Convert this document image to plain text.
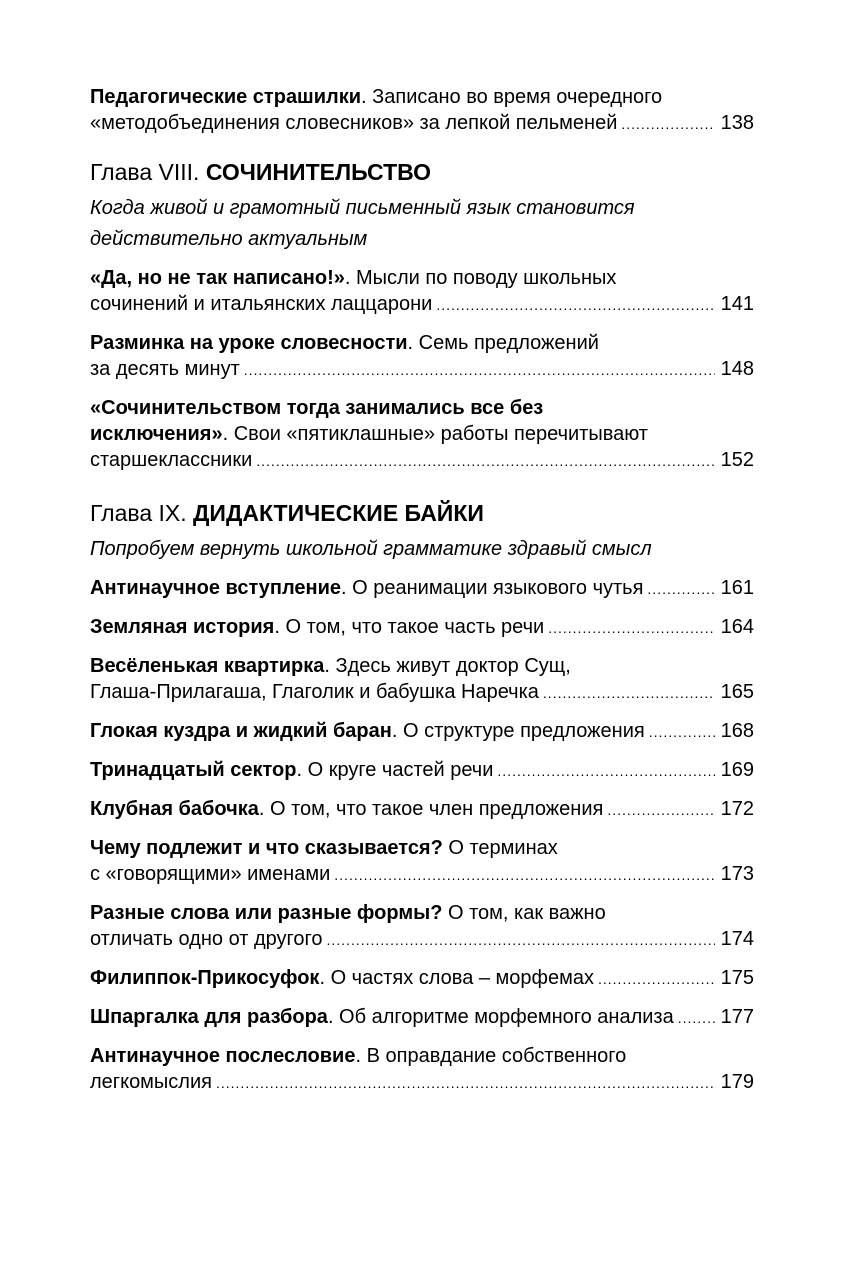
Педагогические страшилки. Записано во время очередного
«методобъединения словесников» за лепкой пельменей .....	138
Глава VIII. СОЧИНИТЕЛЬСТВО
Когда живой и грамотный письменный язык становится
действительно актуальным
«Да, но не так написано!». Мысли по поводу школьных
сочинений и итальянских лаццарони .....	141
Разминка на уроке словесности. Семь предложений
за десять минут .....	148
«Сочинительством тогда занимались все без
исключения». Свои «пятиклашные» работы перечитывают
старшеклассники .....	152
Глава IX. ДИДАКТИЧЕСКИЕ БАЙКИ
Попробуем вернуть школьной грамматике здравый смысл
Антинаучное вступление. О реанимации языкового чутья .....	161
Земляная история. О том, что такое часть речи .....	164
Весёленькая квартирка. Здесь живут доктор Сущ,
Глаша-Прилагаша, Глаголик и бабушка Наречка .....	165
Глокая куздра и жидкий баран. О структуре предложения .....	168
Тринадцатый сектор. О круге частей речи .....	169
Клубная бабочка. О том, что такое член предложения .....	172
Чему подлежит и что сказывается? О терминах
с «говорящими» именами .....	173
Разные слова или разные формы? О том, как важно
отличать одно от другого .....	174
Филиппок-Прикосуфок. О частях слова – морфемах .....	175
Шпаргалка для разбора. Об алгоритме морфемного анализа ..... 177
Антинаучное послесловие. В оправдание собственного
легкомыслия .....	179
